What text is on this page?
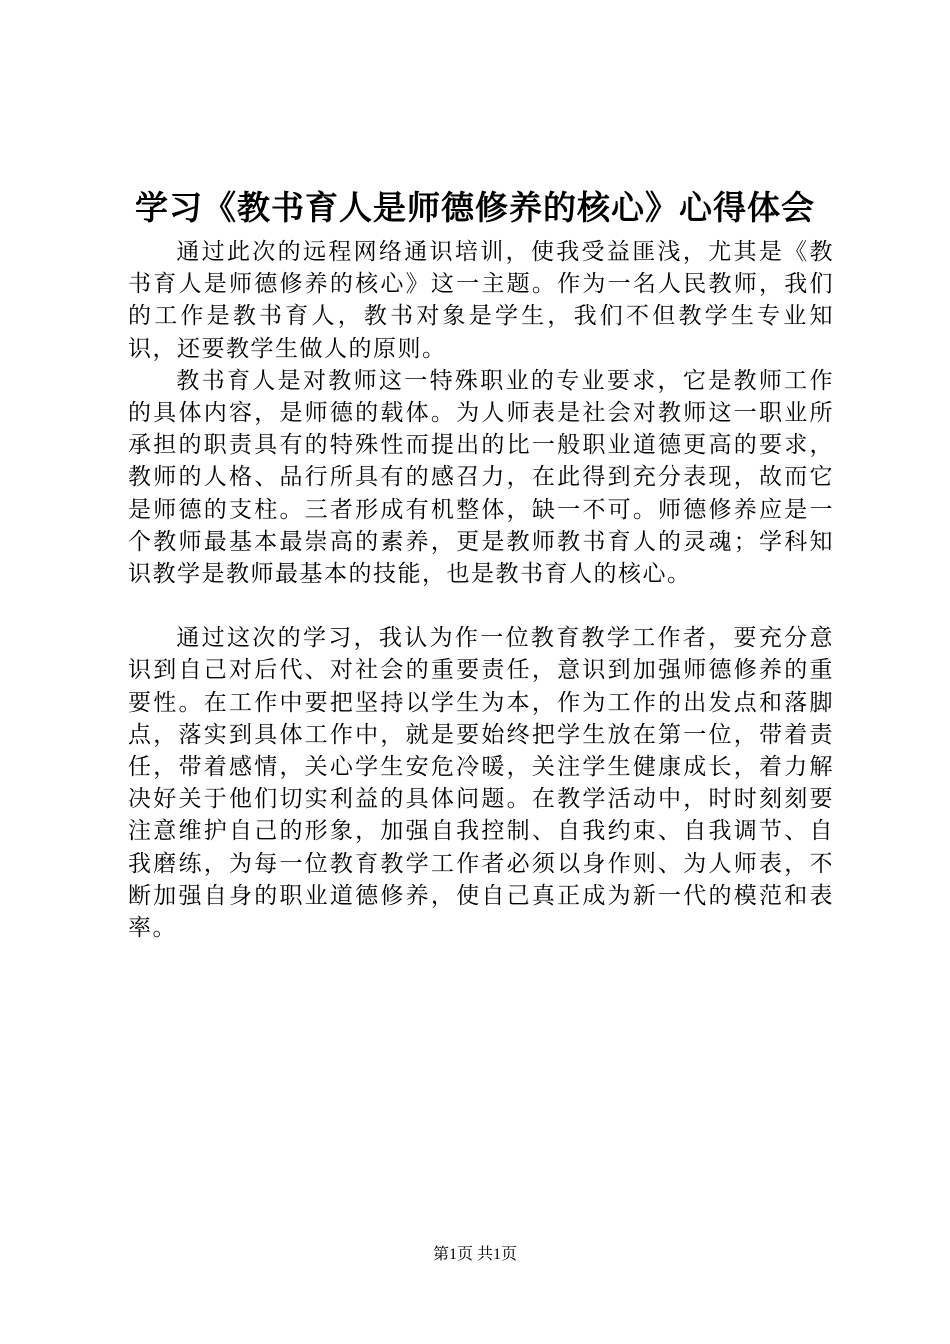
学习《教书育人是师德修养的核心》心得体会

通过此次的远程网络通识培训，使我受益匪浅，尤其是《教书育人是师德修养的核心》这一主题。作为一名人民教师，我们的工作是教书育人，教书对象是学生，我们不但教学生专业知识，还要教学生做人的原则。

教书育人是对教师这一特殊职业的专业要求，它是教师工作的具体内容，是师德的载体。为人师表是社会对教师这一职业所承担的职责具有的特殊性而提出的比一般职业道德更高的要求，教师的人格、品行所具有的感召力，在此得到充分表现，故而它是师德的支柱。三者形成有机整体，缺一不可。师德修养应是一个教师最基本最崇高的素养，更是教师教书育人的灵魂；学科知识教学是教师最基本的技能，也是教书育人的核心。

通过这次的学习，我认为作一位教育教学工作者，要充分意识到自己对后代、对社会的重要责任，意识到加强师德修养的重要性。在工作中要把坚持以学生为本，作为工作的出发点和落脚点，落实到具体工作中，就是要始终把学生放在第一位，带着责任，带着感情，关心学生安危冷暖，关注学生健康成长，着力解决好关于他们切实利益的具体问题。在教学活动中，时时刻刻要注意维护自己的形象，加强自我控制、自我约束、自我调节、自我磨练，为每一位教育教学工作者必须以身作则、为人师表，不断加强自身的职业道德修养，使自己真正成为新一代的模范和表率。

第1页 共1页
